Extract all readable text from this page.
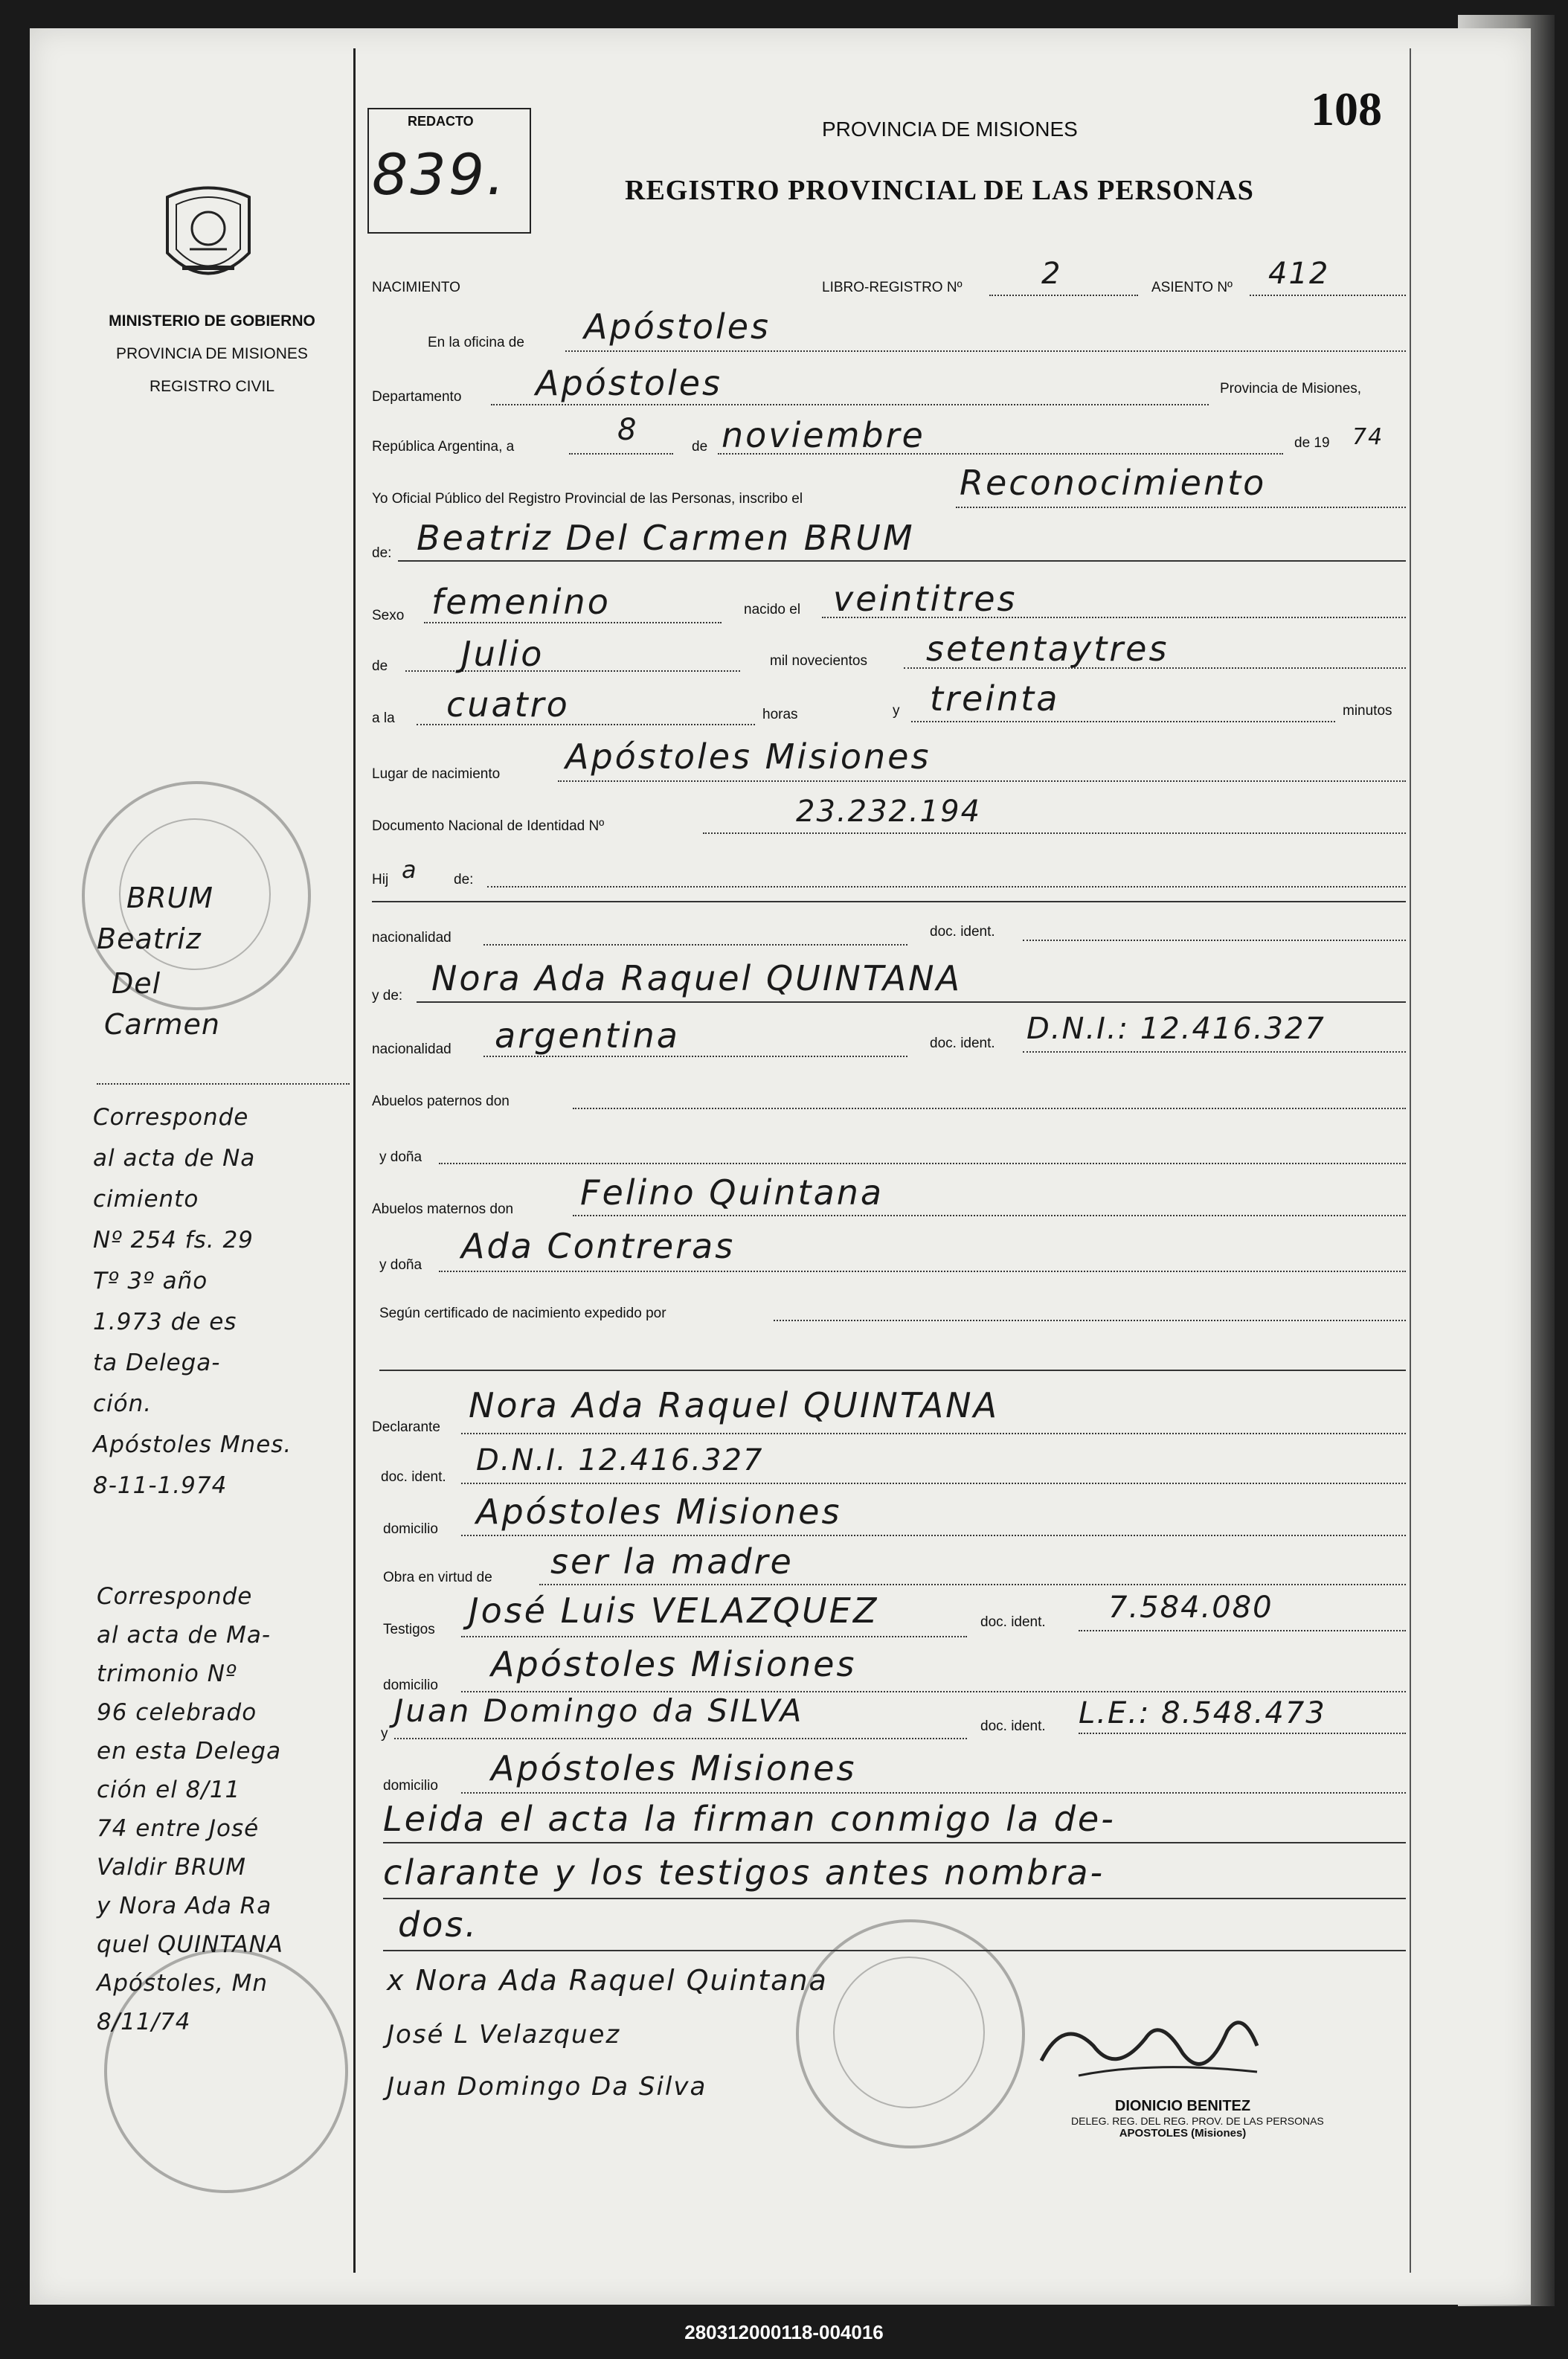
MINISTERIO DE GOBIERNO
PROVINCIA DE MISIONES
REGISTRO CIVIL
REDACTO
839.
PROVINCIA DE MISIONES
REGISTRO PROVINCIAL DE LAS PERSONAS
108
NACIMIENTO	LIBRO-REGISTRO Nº	2	ASIENTO Nº 412
En la oficina de Apóstoles
Departamento Apóstoles	Provincia de Misiones,
República Argentina, a	8	de noviembre	de 19 74
Yo Oficial Público del Registro Provincial de las Personas, inscribo el	Reconocimiento
de: Beatriz Del Carmen BRUM
Sexo femenino	nacido el veintitres
de Julio	mil novecientos setentaytres
a la cuatro	horas	y treinta	minutos
Lugar de nacimiento Apóstoles Misiones
Documento Nacional de Identidad Nº	23.232.194
Hij a	de:
nacionalidad	doc. ident.
y de: Nora Ada Raquel QUINTANA
nacionalidad argentina	doc. ident. D.N.I.: 12.416.327
Abuelos paternos don
y doña
Abuelos maternos don Felino Quintana
y doña Ada Contreras
Según certificado de nacimiento expedido por
Declarante
Nora Ada Raquel QUINTANA
doc. ident. D.N.I. 12.416.327
domicilio Apóstoles Misiones
Obra en virtud de ser la madre
Testigos José Luis VELAZQUEZ	doc. ident. 7.584.080
domicilio
Apóstoles Misiones
y
Juan Domingo da SILVA	doc. ident. L.E.: 8.548.473
domicilio Apóstoles Misiones
Leida el acta la firman conmigo la de-
clarante y los testigos antes nombra-
dos.
x Nora Ada Raquel Quintana
José L Velazquez
Juan Domingo Da Silva
DIONICIO BENITEZ
DELEG. REG. DEL REG. PROV. DE LAS PERSONAS
APOSTOLES (Misiones)
BRUM
Beatriz
Del
Carmen
Corresponde
al acta de Na
cimiento
Nº 254 fs. 29
Tº 3º año
1.973 de es
ta Delega-
ción.
Apóstoles Mnes.
8-11-1.974
Corresponde
al acta de Ma-
trimonio Nº
96 celebrado
en esta Delega
ción el 8/11
74 entre José
Valdir BRUM
y Nora Ada Ra
quel QUINTANA
Apóstoles, Mn
8/11/74
280312000118-004016
